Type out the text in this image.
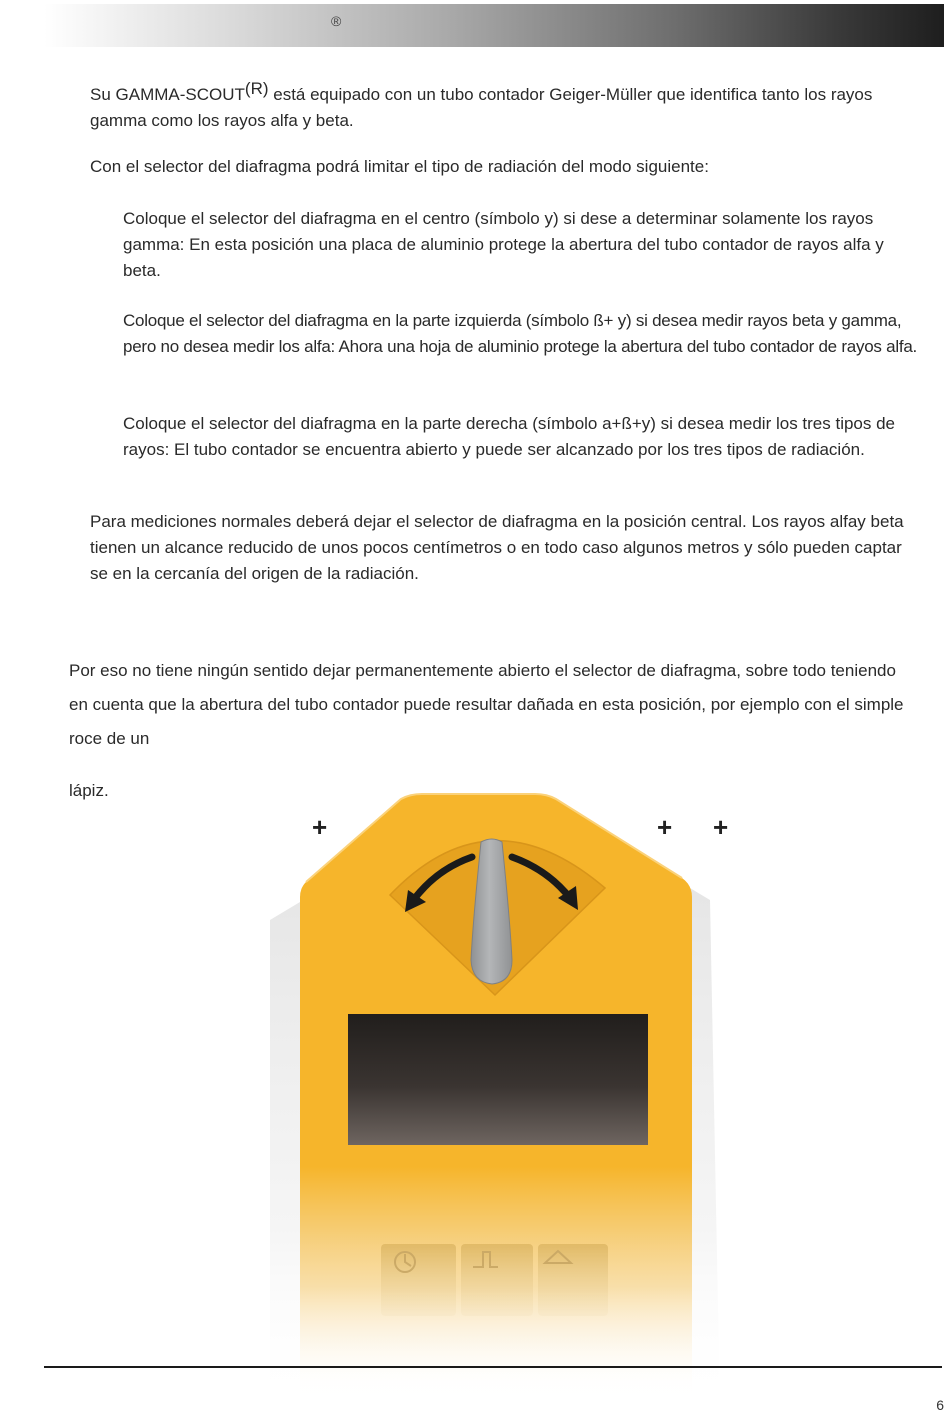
®

Su GAMMA-$SCOUT^{(R)}$ está equipado con un tubo contador Geiger-Müller que identifica tanto los rayos gamma como los rayos alfa y beta.

Con el selector del diafragma podrá limitar el tipo de radiación del modo siguiente:

Coloque el selector del diafragma en el centro (símbolo y) si dese a determinar solamente los rayos gamma: En esta posición una placa de aluminio protege la abertura del tubo contador de rayos alfa y beta.

Coloque el selector del diafragma en la parte izquierda (símbolo ß+ y) si desea medir rayos beta y gamma, pero no desea medir los alfa: Ahora una hoja de aluminio protege la abertura del tubo contador de rayos alfa.

Coloque el selector del diafragma en la parte derecha (símbolo a+ß+y) si desea medir los tres tipos de rayos: El tubo contador se encuentra abierto y puede ser alcanzado por los tres tipos de radiación.

Para mediciones normales deberá dejar el selector de diafragma en la posición central. Los rayos alfay beta tienen un alcance reducido de unos pocos centímetros o en todo caso algunos metros y sólo pueden captar se en la cercanía del origen de la radiación.

Por eso no tiene ningún sentido dejar permanentemente abierto el selector de diafragma, sobre todo teniendo en cuenta que la abertura del tubo contador puede resultar dañada en esta posición, por ejemplo con el simple roce de un

lápiz.

+	+ +
6
